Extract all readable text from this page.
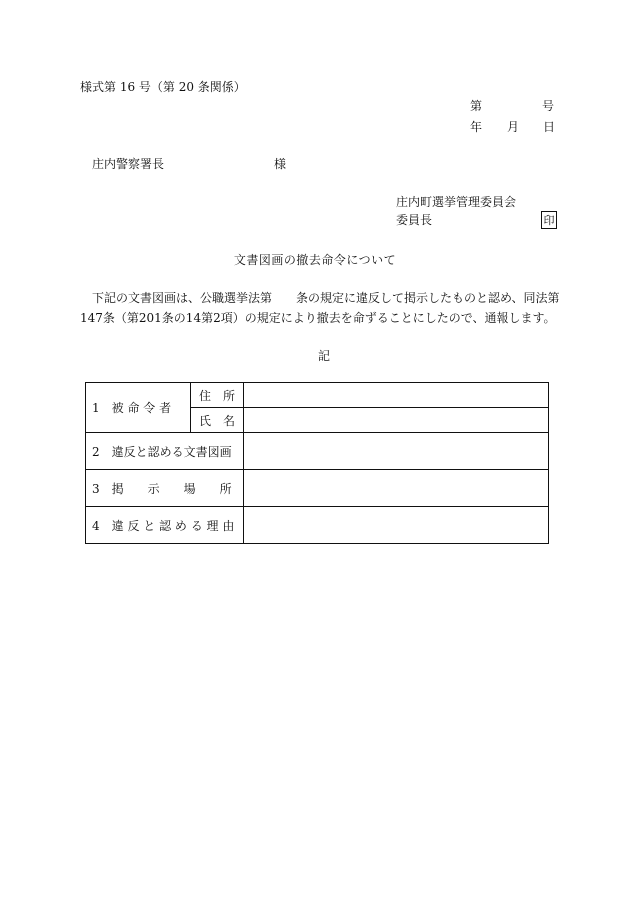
様式第 16 号（第 20 条関係）
第	号
年 月 日
庄内警察署長	様
庄内町選挙管理委員会
委員長	印
文書図画の撤去命令について
下記の文書図画は、公職選挙法第　　条の規定に違反して掲示したものと認め、同法第
147条（第201条の14第2項）の規定により撤去を命ずることにしたので、通報します。
記
1　被 命 令 者	住　所	
	氏　名	
2　違反と認める文書図画		
3　掲　　示　　場　　所		
4　違 反 と 認 め る 理 由		
